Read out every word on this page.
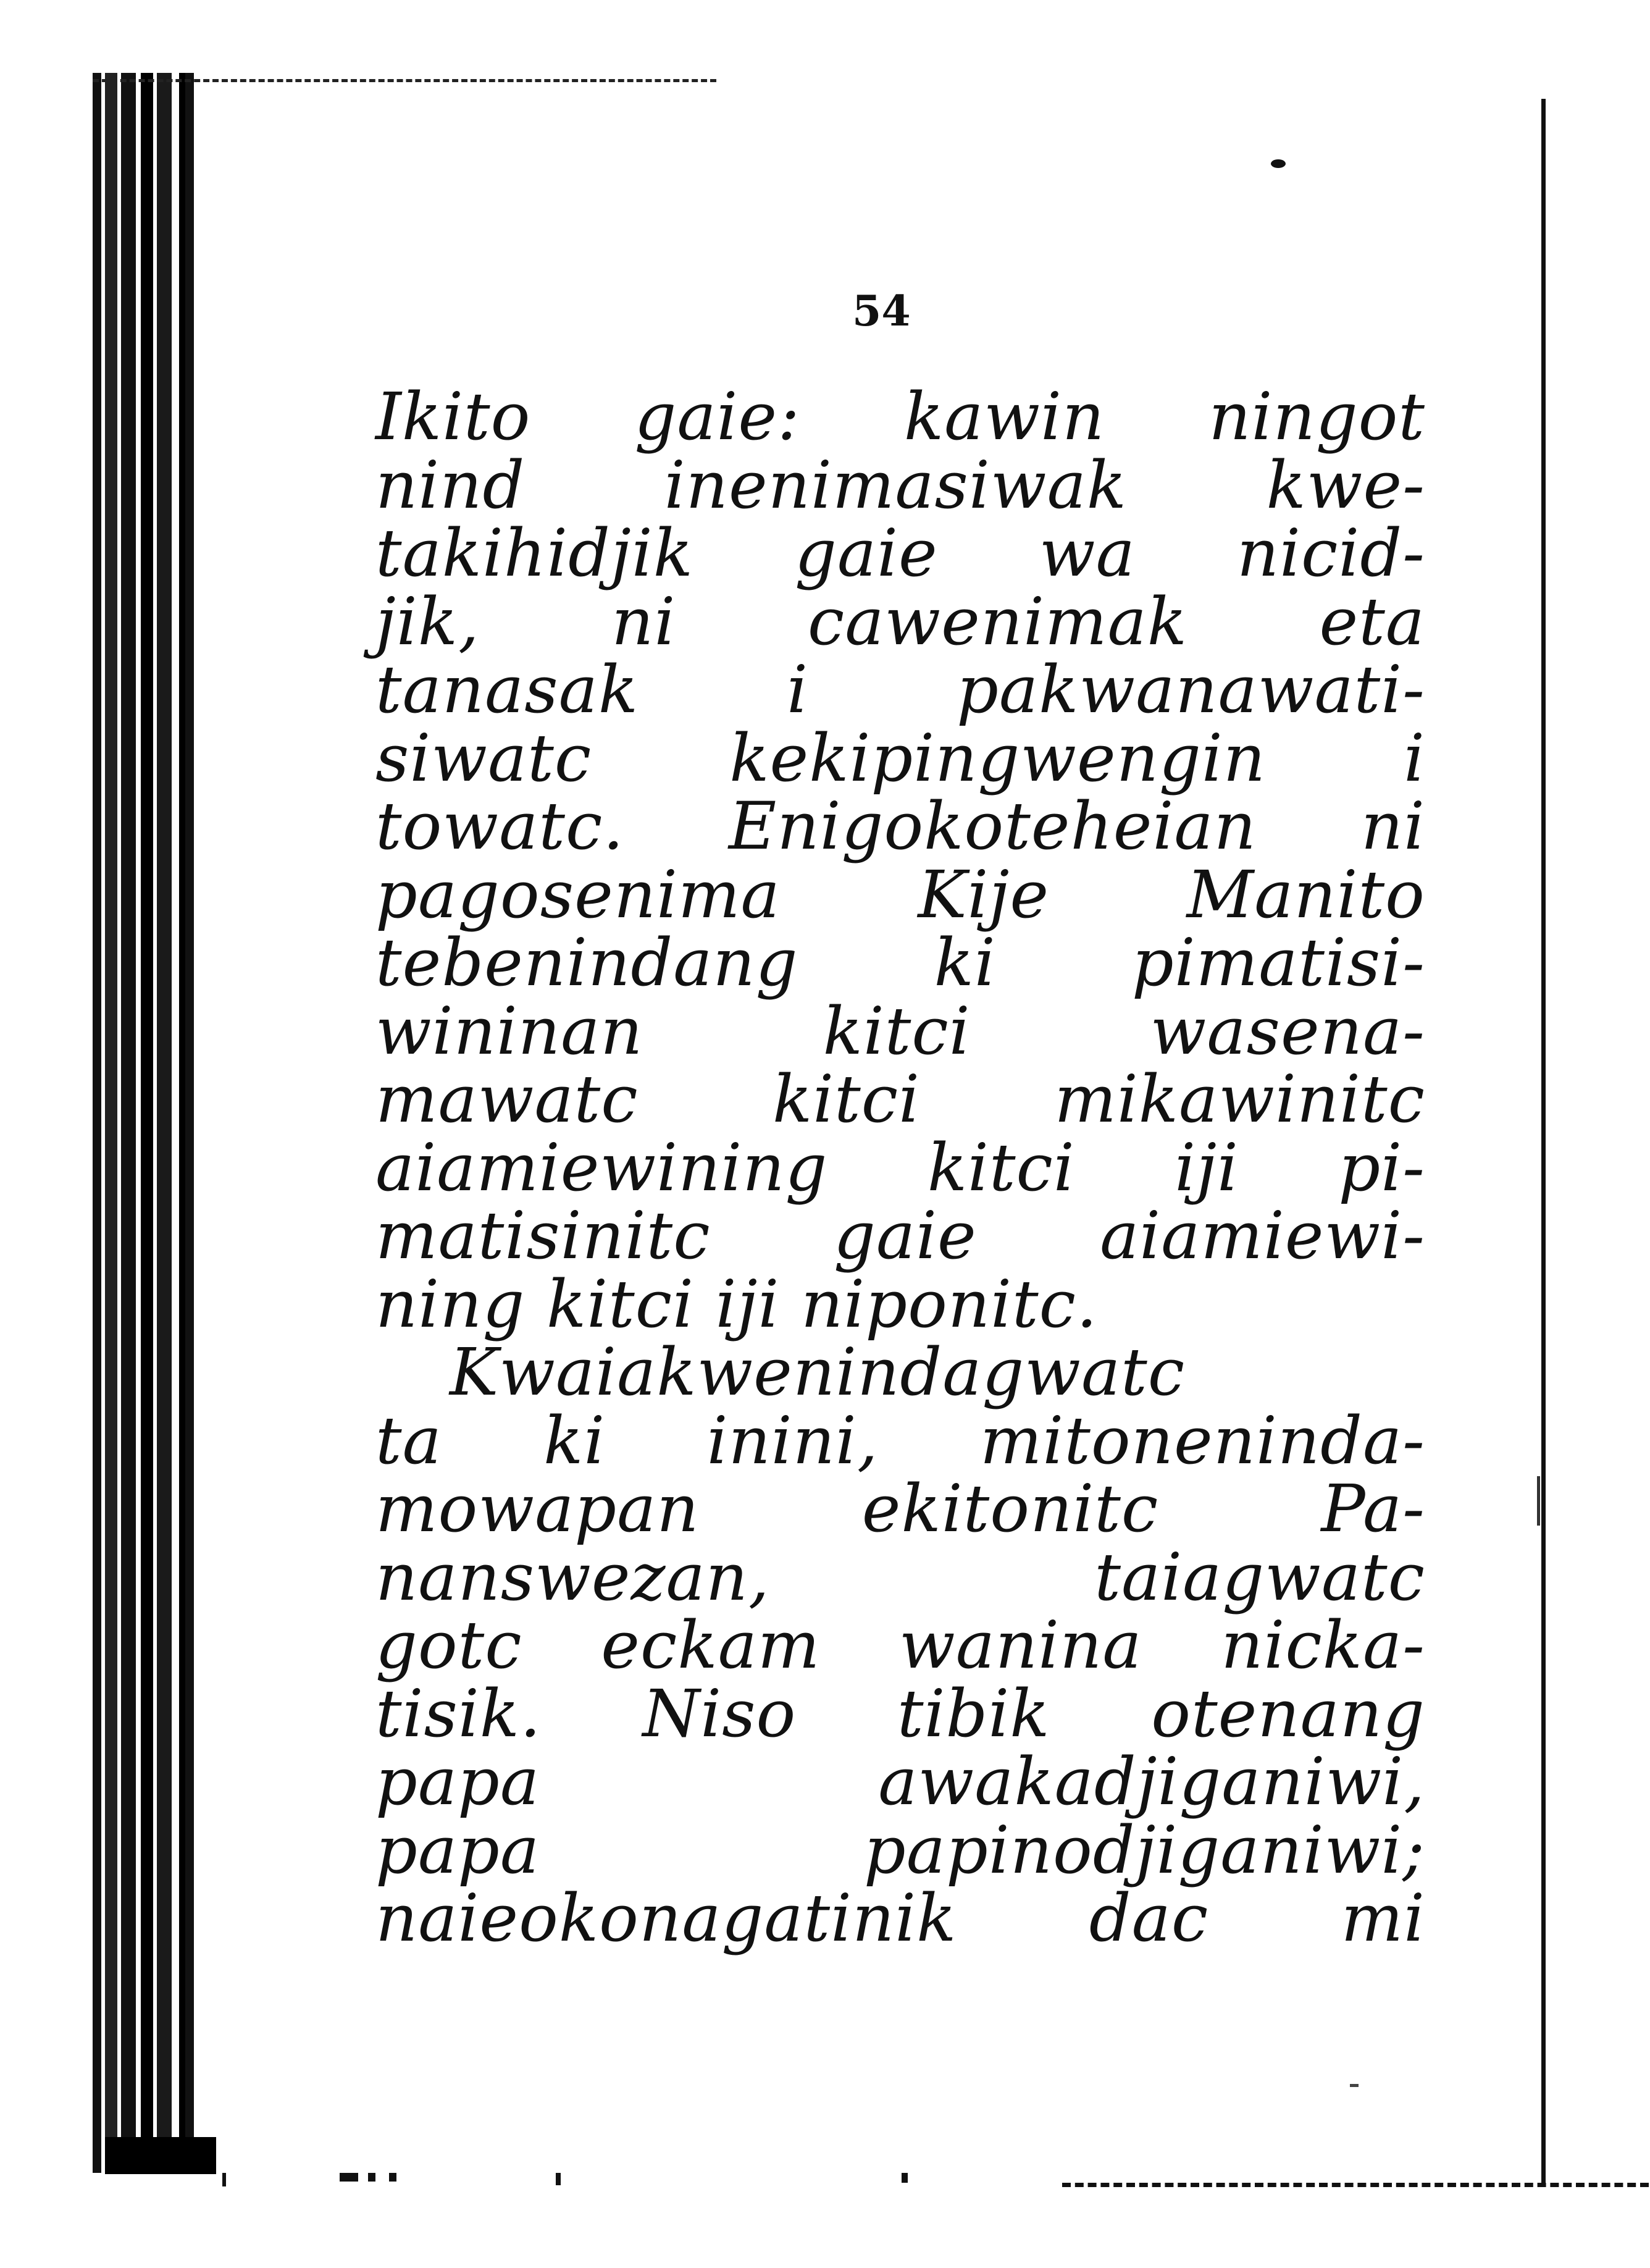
54
Ikito gaie: kawin ningot
nind inenimasiwak kwe-
takihidjik gaie wa nicid-
jik, ni cawenimak eta
tanasak i pakwanawati-
siwatc kekipingwengin i
towatc. Enigokoteheian ni
pagosenima Kije Manito
tebenindang ki pimatisi-
wininan kitci wasena-
mawatc kitci mikawinitc
aiamiewining kitci iji pi-
matisinitc gaie aiamiewi-
ning kitci iji niponitc.
Kwaiakwenindagwatc
ta ki inini, mitoneninda-
mowapan ekitonitc Pa-
nanswezan, taiagwatc
gotc eckam wanina nicka-
tisik. Niso tibik otenang
papa awakadjiganiwi,
papa papinodjiganiwi;
naieokonagatinik dac mi
